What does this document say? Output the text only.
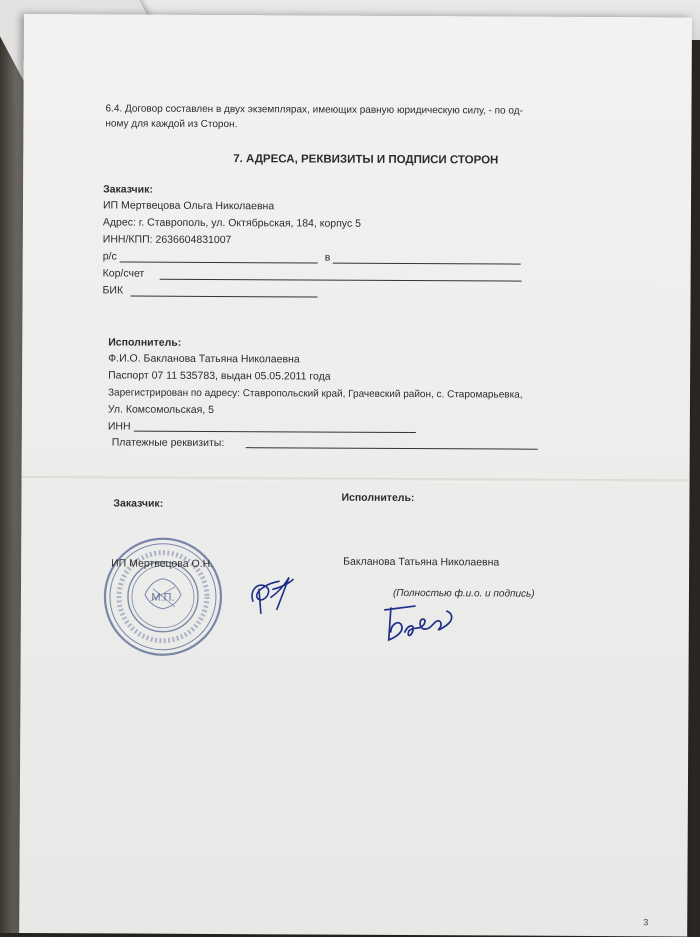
6.4. Договор составлен в двух экземплярах, имеющих равную юридическую силу, - по од-
ному для каждой из Сторон.
7. АДРЕСА, РЕКВИЗИТЫ И ПОДПИСИ СТОРОН
Заказчик:
ИП Мертвецова Ольга Николаевна
Адрес: г. Ставрополь, ул. Октябрьская, 184, корпус 5
ИНН/КПП: 2636604831007
р/с	в
Кор/счет
БИК
Исполнитель:
Ф.И.О. Бакланова Татьяна Николаевна
Паспорт 07 11 535783, выдан 05.05.2011 года
Зарегистрирован по адресу: Ставропольский край, Грачевский район, с. Старомарьевка,
Ул. Комсомольская, 5
ИНН
Платежные реквизиты:
Заказчик:	Исполнитель:
М.П.
ИП Мертвецова О.Н.	Бакланова Татьяна Николаевна
(Полностью ф.и.о. и подпись)
3
